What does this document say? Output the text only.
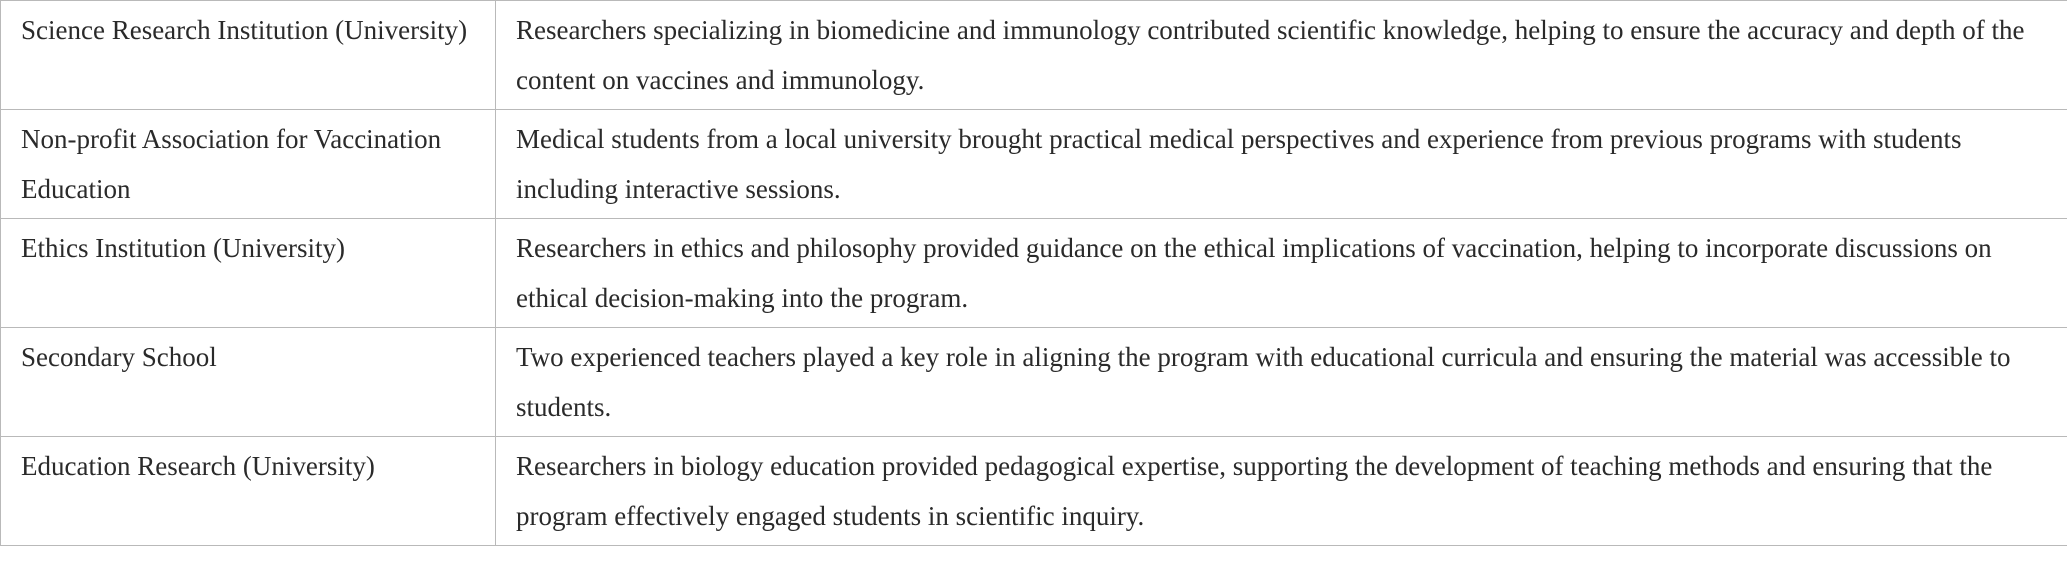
Science Research Institution (University)	Researchers specializing in biomedicine and immunology contributed scientific knowledge, helping to ensure the accuracy and depth of the content on vaccines and immunology.

Non-profit Association for Vaccination Education	Medical students from a local university brought practical medical perspectives and experience from previous programs with students including interactive sessions.

Ethics Institution (University)	Researchers in ethics and philosophy provided guidance on the ethical implications of vaccination, helping to incorporate discussions on ethical decision-making into the program.

Secondary School	Two experienced teachers played a key role in aligning the program with educational curricula and ensuring the material was accessible to students.

Education Research (University)	Researchers in biology education provided pedagogical expertise, supporting the development of teaching methods and ensuring that the program effectively engaged students in scientific inquiry.
